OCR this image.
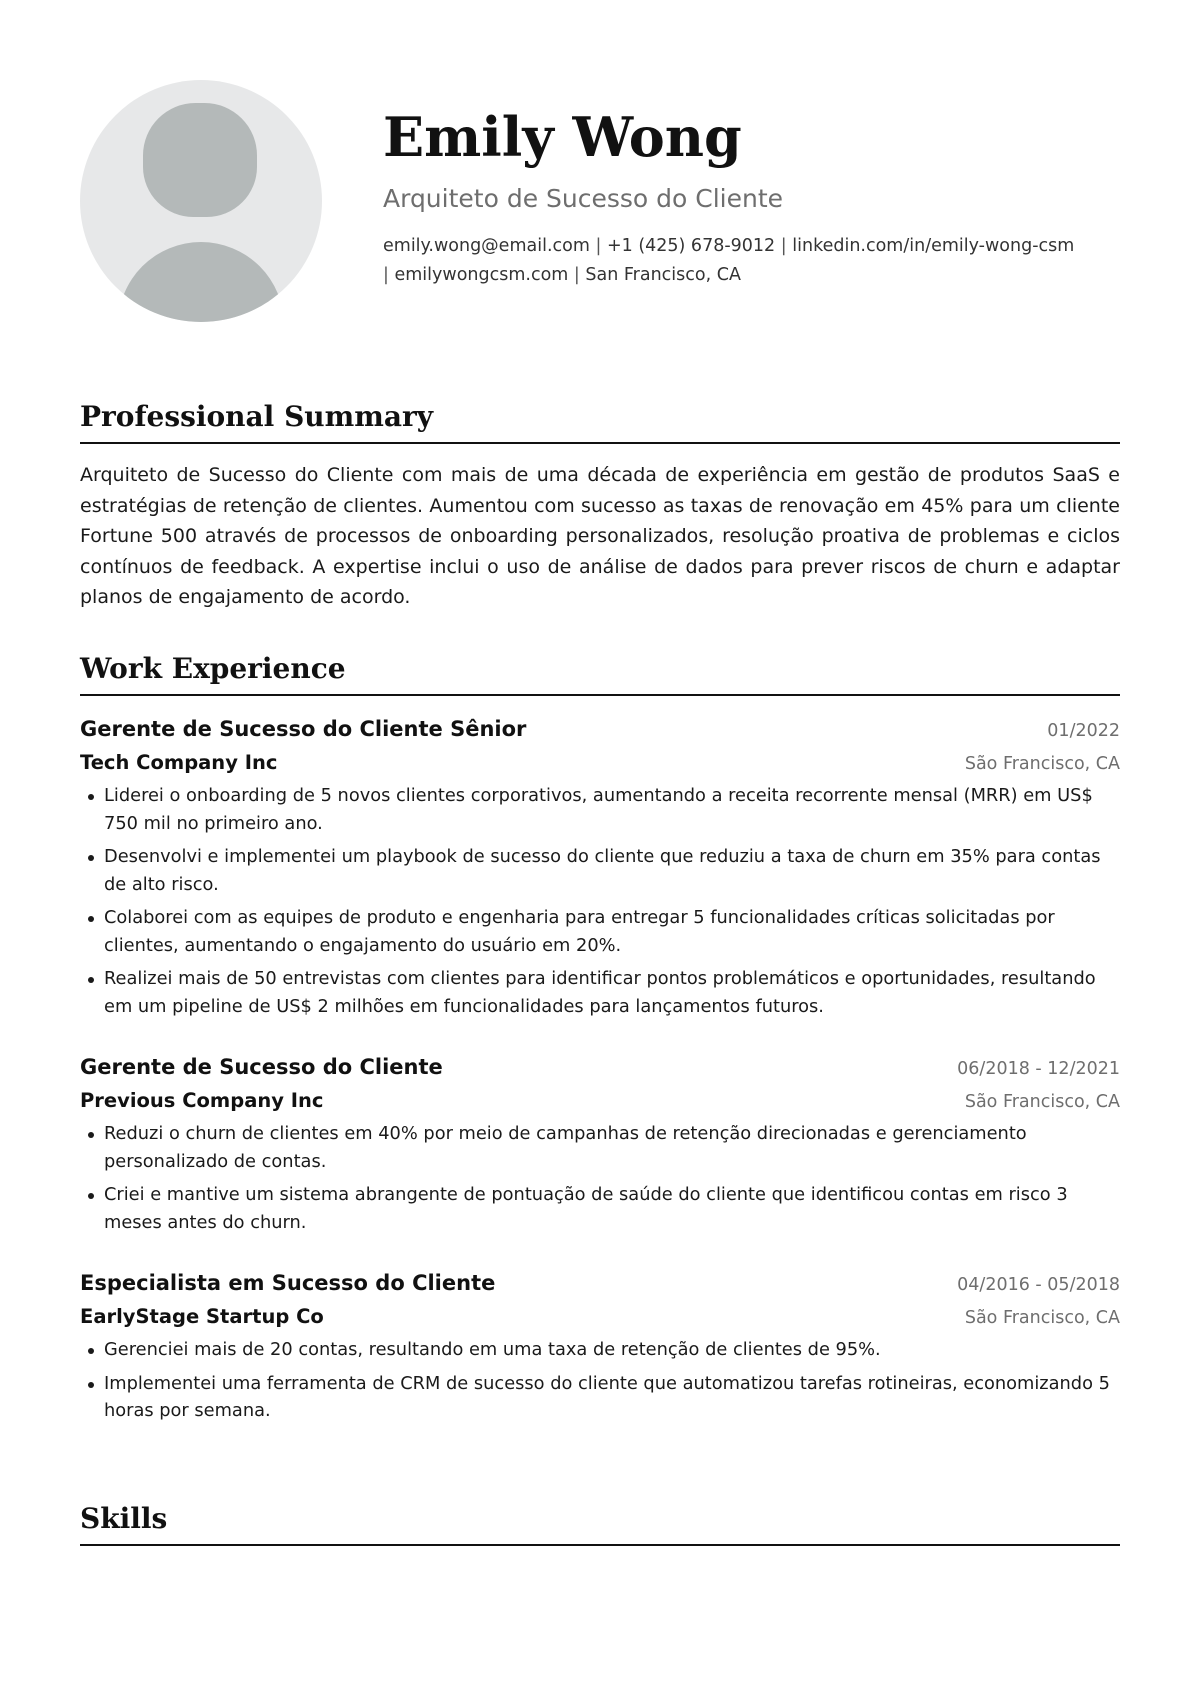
Emily Wong
Arquiteto de Sucesso do Cliente
emily.wong@email.com | +1 (425) 678-9012 | linkedin.com/in/emily-wong-csm
| emilywongcsm.com | San Francisco, CA
Professional Summary
Arquiteto de Sucesso do Cliente com mais de uma década de experiência em gestão de produtos SaaS e estratégias de retenção de clientes. Aumentou com sucesso as taxas de renovação em 45% para um cliente Fortune 500 através de processos de onboarding personalizados, resolução proativa de problemas e ciclos contínuos de feedback. A expertise inclui o uso de análise de dados para prever riscos de churn e adaptar planos de engajamento de acordo.
Work Experience
Gerente de Sucesso do Cliente Sênior	01/2022
Tech Company Inc	São Francisco, CA
Liderei o onboarding de 5 novos clientes corporativos, aumentando a receita recorrente mensal (MRR) em US$ 750 mil no primeiro ano.
Desenvolvi e implementei um playbook de sucesso do cliente que reduziu a taxa de churn em 35% para contas de alto risco.
Colaborei com as equipes de produto e engenharia para entregar 5 funcionalidades críticas solicitadas por clientes, aumentando o engajamento do usuário em 20%.
Realizei mais de 50 entrevistas com clientes para identificar pontos problemáticos e oportunidades, resultando em um pipeline de US$ 2 milhões em funcionalidades para lançamentos futuros.
Gerente de Sucesso do Cliente	06/2018 - 12/2021
Previous Company Inc	São Francisco, CA
Reduzi o churn de clientes em 40% por meio de campanhas de retenção direcionadas e gerenciamento personalizado de contas.
Criei e mantive um sistema abrangente de pontuação de saúde do cliente que identificou contas em risco 3 meses antes do churn.
Especialista em Sucesso do Cliente	04/2016 - 05/2018
EarlyStage Startup Co	São Francisco, CA
Gerenciei mais de 20 contas, resultando em uma taxa de retenção de clientes de 95%.
Implementei uma ferramenta de CRM de sucesso do cliente que automatizou tarefas rotineiras, economizando 5 horas por semana.
Skills
